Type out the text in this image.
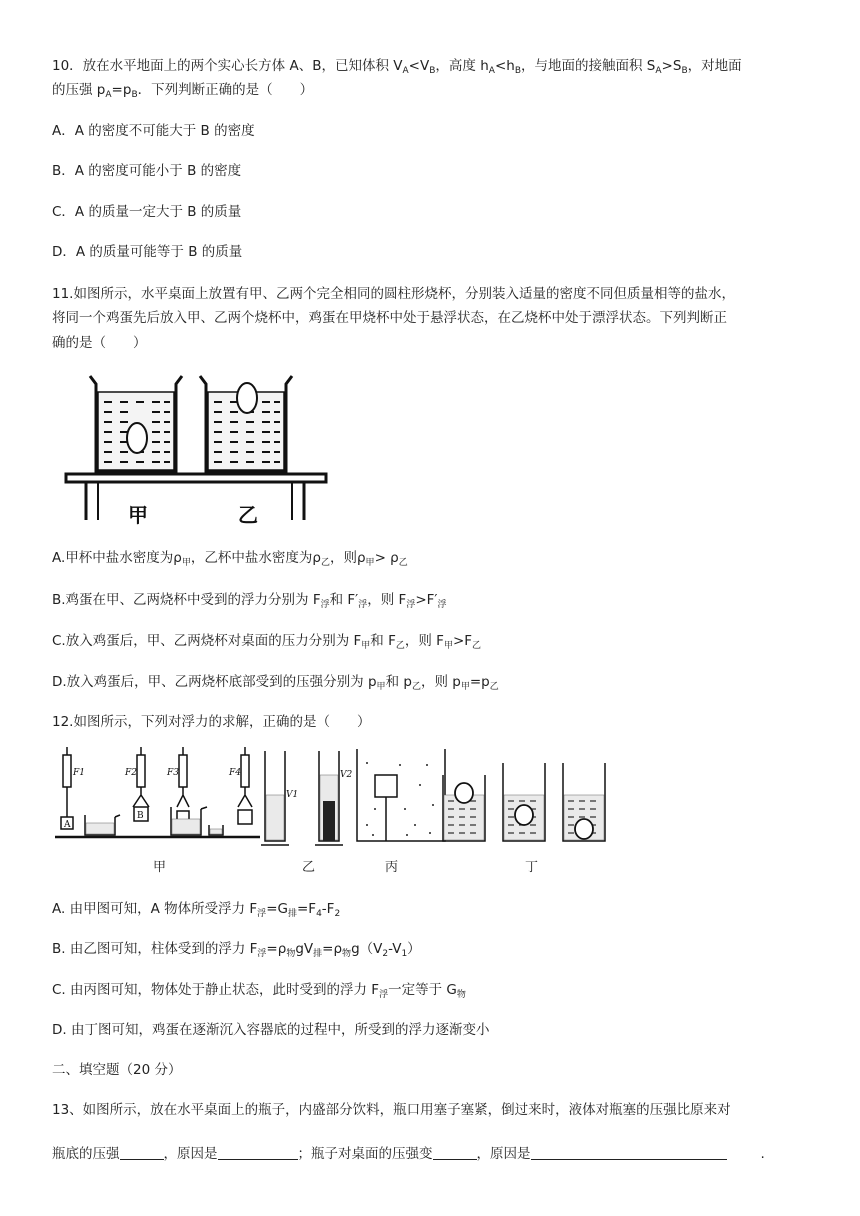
10．放在水平地面上的两个实心长方体 A、B，已知体积 $V_A<V_B$，高度 $h_A<h_B$，与地面的接触面积 $S_A>S_B$，对地面
的压强 $p_A=p_B$．下列判断正确的是（　　）
A．A 的密度不可能大于 B 的密度
B．A 的密度可能小于 B 的密度
C．A 的质量一定大于 B 的质量
D．A 的质量可能等于 B 的质量
11.如图所示，水平桌面上放置有甲、乙两个完全相同的圆柱形烧杯，分别装入适量的密度不同但质量相等的盐水，
将同一个鸡蛋先后放入甲、乙两个烧杯中，鸡蛋在甲烧杯中处于悬浮状态，在乙烧杯中处于漂浮状态。下列判断正
确的是（　　）
甲	乙
A.甲杯中盐水密度为$\rho_甲$，乙杯中盐水密度为$\rho_乙$，则$\rho_甲> \rho_乙$
B.鸡蛋在甲、乙两烧杯中受到的浮力分别为 $F_浮$和 $F'_浮$，则 $F_浮>F'_浮$
C.放入鸡蛋后，甲、乙两烧杯对桌面的压力分别为 $F_甲$和 $F_乙$，则 $F_甲>F_乙$
D.放入鸡蛋后，甲、乙两烧杯底部受到的压强分别为 $p_甲$和 $p_乙$，则 $p_甲=p_乙$
12.如图所示，下列对浮力的求解，正确的是（　　）
F1	F2	F3	F4
A
B
V1
V2
甲	乙	丙	丁
A. 由甲图可知，A 物体所受浮力 $F_浮=G_排=F_4-F_2$
B. 由乙图可知，柱体受到的浮力 $F_浮=\rho_物gV_排=\rho_物g(V_2-V_1)$
C. 由丙图可知，物体处于静止状态，此时受到的浮力 $F_浮$一定等于 $G_物$
D. 由丁图可知，鸡蛋在逐渐沉入容器底的过程中，所受到的浮力逐渐变小
二、填空题（20 分）
13、如图所示，放在水平桌面上的瓶子，内盛部分饮料，瓶口用塞子塞紧，倒过来时，液体对瓶塞的压强比原来对
瓶底的压强	，原因是	；瓶子对桌面的压强变	，原因是	.
